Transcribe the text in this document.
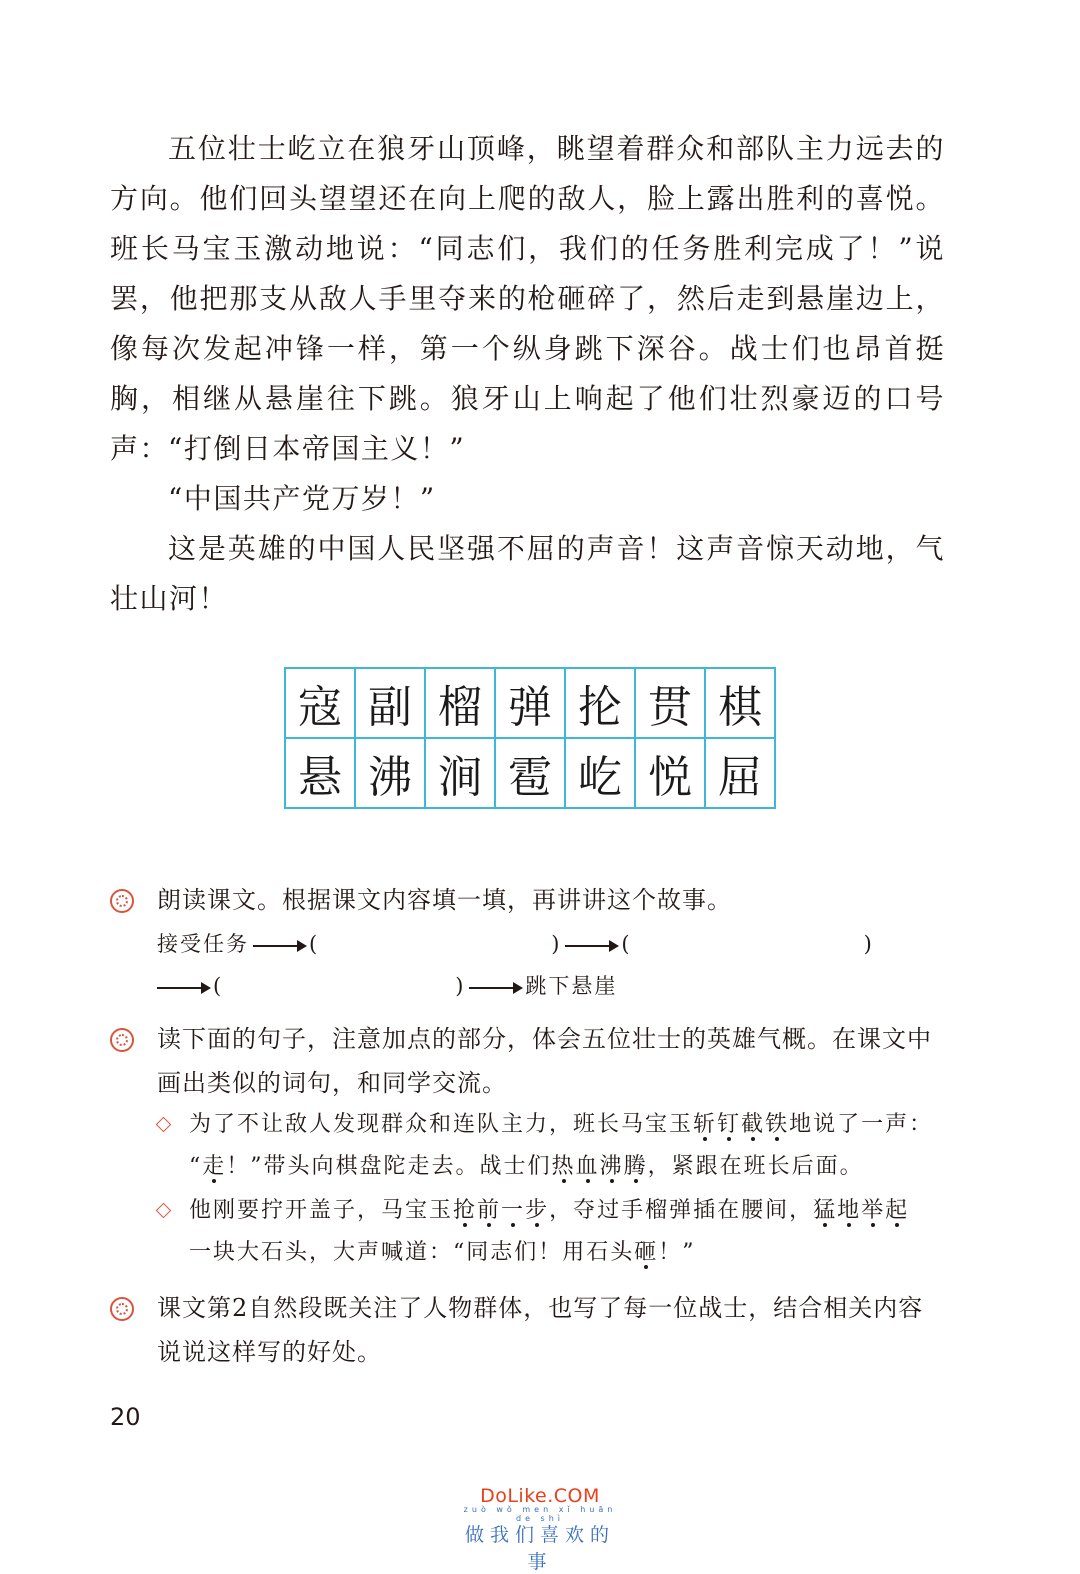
五位壮士屹立在狼牙山顶峰，眺望着群众和部队主力远去的方向。他们回头望望还在向上爬的敌人，脸上露出胜利的喜悦。班长马宝玉激动地说：“同志们，我们的任务胜利完成了！”说罢，他把那支从敌人手里夺来的枪砸碎了，然后走到悬崖边上，像每次发起冲锋一样，第一个纵身跳下深谷。战士们也昂首挺胸，相继从悬崖往下跳。狼牙山上响起了他们壮烈豪迈的口号声：

“打倒日本帝国主义！”

“中国共产党万岁！”

这是英雄的中国人民坚强不屈的声音！这声音惊天动地，气壮山河！

寇	副	榴	弹	抡	贯	棋
悬	沸	涧	雹	屹	悦	屈

朗读课文。根据课文内容填一填，再讲讲这个故事。

接受任务	(	)	(	)
(	)	跳下悬崖

读下面的句子，注意加点的部分，体会五位壮士的英雄气概。在课文中画出类似的词句，和同学交流。

为了不让敌人发现群众和连队主力，班长马宝玉斩钉截铁地说了一声：

“走！”带头向棋盘陀走去。战士们热血沸腾，紧跟在班长后面。

他刚要拧开盖子，马宝玉抢前一步，夺过手榴弹插在腰间，猛地举起

一块大石头，大声喊道：“同志们！用石头砸！”

课文第2自然段既关注了人物群体，也写了每一位战士，结合相关内容说说这样写的好处。

20
DoLike.COM
zuò wǒ men xǐ huān de shì
做我们喜欢的事
